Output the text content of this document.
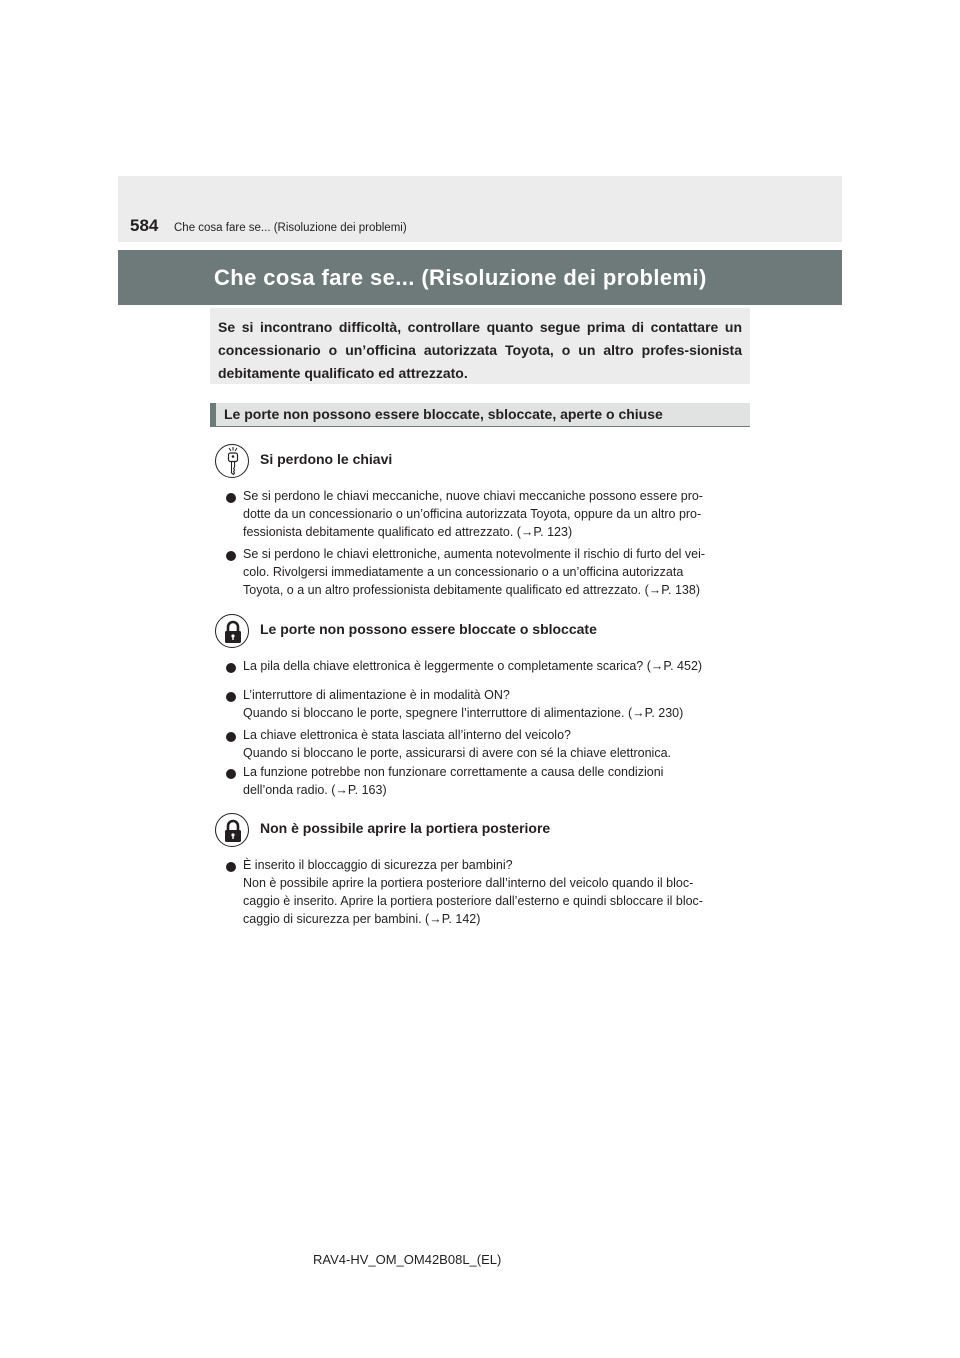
584 Che cosa fare se... (Risoluzione dei problemi)
Che cosa fare se... (Risoluzione dei problemi)
Se si incontrano difficoltà, controllare quanto segue prima di contattare un concessionario o un’officina autorizzata Toyota, o un altro profes-sionista debitamente qualificato ed attrezzato.
Le porte non possono essere bloccate, sbloccate, aperte o chiuse
Si perdono le chiavi
Se si perdono le chiavi meccaniche, nuove chiavi meccaniche possono essere pro-
dotte da un concessionario o un’officina autorizzata Toyota, oppure da un altro pro-
fessionista debitamente qualificato ed attrezzato. (→P. 123)
Se si perdono le chiavi elettroniche, aumenta notevolmente il rischio di furto del vei-
colo. Rivolgersi immediatamente a un concessionario o a un’officina autorizzata
Toyota, o a un altro professionista debitamente qualificato ed attrezzato. (→P. 138)
Le porte non possono essere bloccate o sbloccate
La pila della chiave elettronica è leggermente o completamente scarica? (→P. 452)
L’interruttore di alimentazione è in modalità ON?
Quando si bloccano le porte, spegnere l’interruttore di alimentazione. (→P. 230)
La chiave elettronica è stata lasciata all’interno del veicolo?
Quando si bloccano le porte, assicurarsi di avere con sé la chiave elettronica.
La funzione potrebbe non funzionare correttamente a causa delle condizioni
dell’onda radio. (→P. 163)
Non è possibile aprire la portiera posteriore
È inserito il bloccaggio di sicurezza per bambini?
Non è possibile aprire la portiera posteriore dall’interno del veicolo quando il bloc-
caggio è inserito. Aprire la portiera posteriore dall’esterno e quindi sbloccare il bloc-
caggio di sicurezza per bambini. (→P. 142)
RAV4-HV_OM_OM42B08L_(EL)
